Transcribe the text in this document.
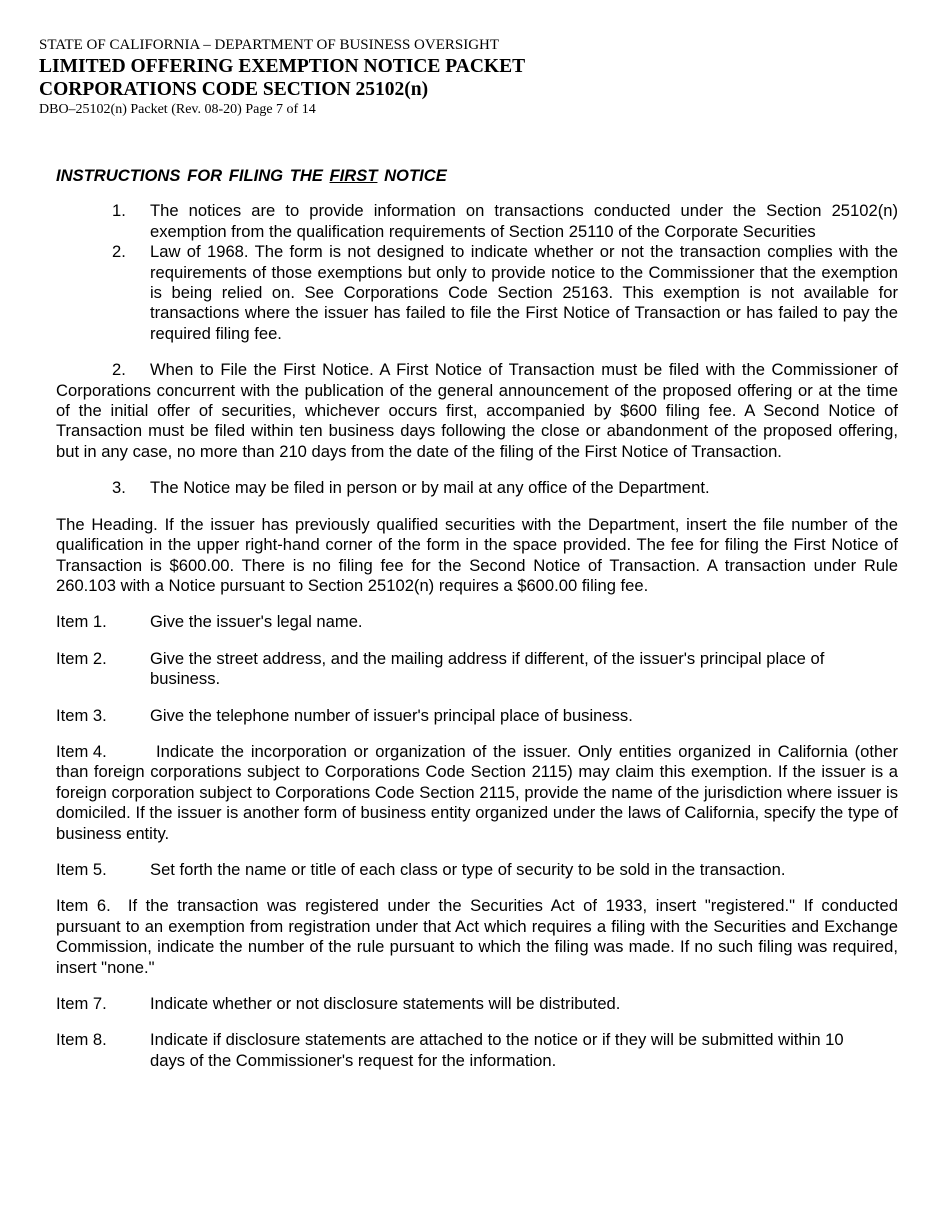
STATE OF CALIFORNIA – DEPARTMENT OF BUSINESS OVERSIGHT
LIMITED OFFERING EXEMPTION NOTICE PACKET
CORPORATIONS CODE SECTION 25102(n)
DBO–25102(n) Packet (Rev. 08-20) Page 7 of 14
INSTRUCTIONS FOR FILING THE FIRST NOTICE
1.	The notices are to provide information on transactions conducted under the Section 25102(n) exemption from the qualification requirements of Section 25110 of the Corporate Securities
2.	Law of 1968. The form is not designed to indicate whether or not the transaction complies with the requirements of those exemptions but only to provide notice to the Commissioner that the exemption is being relied on. See Corporations Code Section 25163. This exemption is not available for transactions where the issuer has failed to file the First Notice of Transaction or has failed to pay the required filing fee.

2. When to File the First Notice. A First Notice of Transaction must be filed with the Commissioner of Corporations concurrent with the publication of the general announcement of the proposed offering or at the time of the initial offer of securities, whichever occurs first, accompanied by $600 filing fee. A Second Notice of Transaction must be filed within ten business days following the close or abandonment of the proposed offering, but in any case, no more than 210 days from the date of the filing of the First Notice of Transaction.

3.	The Notice may be filed in person or by mail at any office of the Department.

The Heading. If the issuer has previously qualified securities with the Department, insert the file number of the qualification in the upper right-hand corner of the form in the space provided. The fee for filing the First Notice of Transaction is $600.00. There is no filing fee for the Second Notice of Transaction. A transaction under Rule 260.103 with a Notice pursuant to Section 25102(n) requires a $600.00 filing fee.

Item 1.	Give the issuer's legal name.
Item 2.	Give the street address, and the mailing address if different, of the issuer's principal place of business.
Item 3.	Give the telephone number of issuer's principal place of business.

Item 4.	Indicate the incorporation or organization of the issuer. Only entities organized in California (other than foreign corporations subject to Corporations Code Section 2115) may claim this exemption. If the issuer is a foreign corporation subject to Corporations Code Section 2115, provide the name of the jurisdiction where issuer is domiciled. If the issuer is another form of business entity organized under the laws of California, specify the type of business entity.

Item 5.	Set forth the name or title of each class or type of security to be sold in the transaction.

Item 6. If the transaction was registered under the Securities Act of 1933, insert "registered." If conducted pursuant to an exemption from registration under that Act which requires a filing with the Securities and Exchange Commission, indicate the number of the rule pursuant to which the filing was made. If no such filing was required, insert "none."

Item 7.	Indicate whether or not disclosure statements will be distributed.
Item 8.	Indicate if disclosure statements are attached to the notice or if they will be submitted within 10 days of the Commissioner's request for the information.
